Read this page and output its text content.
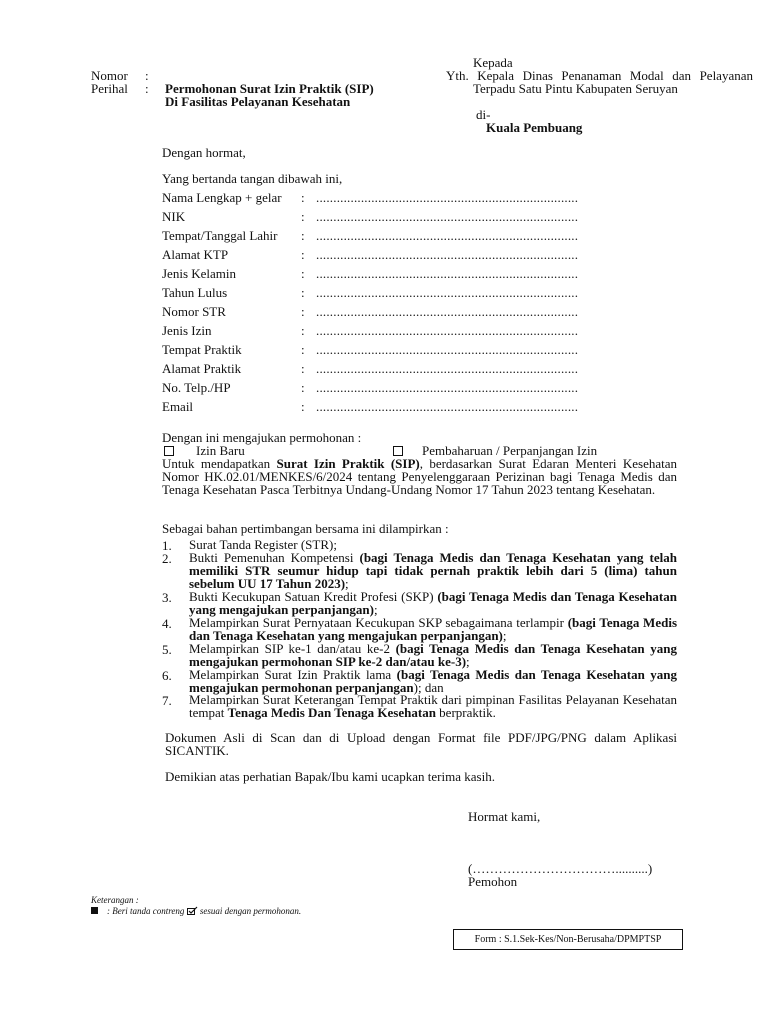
Nomor :
Perihal : Permohonan Surat Izin Praktik (SIP)
Di Fasilitas Pelayanan Kesehatan
Kepada
Yth. Kepala Dinas Penanaman Modal dan Pelayanan
Terpadu Satu Pintu Kabupaten Seruyan
di-
Kuala Pembuang
Dengan hormat,
Yang bertanda tangan dibawah ini,
Nama Lengkap + gelar : ............................................................................
NIK	: ............................................................................
Tempat/Tanggal Lahir : ............................................................................
Alamat KTP	: ............................................................................
Jenis Kelamin	: ............................................................................
Tahun Lulus	: ............................................................................
Nomor STR	: ............................................................................
Jenis Izin	: ............................................................................
Tempat Praktik	: ............................................................................
Alamat Praktik	: ............................................................................
No. Telp./HP	: ............................................................................
Email	: ............................................................................
Dengan ini mengajukan permohonan :
Izin Baru	Pembaharuan / Perpanjangan Izin
Untuk mendapatkan Surat Izin Praktik (SIP), berdasarkan Surat Edaran Menteri Kesehatan Nomor HK.02.01/MENKES/6/2024 tentang Penyelenggaraan Perizinan bagi Tenaga Medis dan Tenaga Kesehatan Pasca Terbitnya Undang-Undang Nomor 17 Tahun 2023 tentang Kesehatan.
Sebagai bahan pertimbangan bersama ini dilampirkan :
1. Surat Tanda Register (STR);
2. Bukti Pemenuhan Kompetensi (bagi Tenaga Medis dan Tenaga Kesehatan yang telah memiliki STR seumur hidup tapi tidak pernah praktik lebih dari 5 (lima) tahun sebelum UU 17 Tahun 2023);
3. Bukti Kecukupan Satuan Kredit Profesi (SKP) (bagi Tenaga Medis dan Tenaga Kesehatan yang mengajukan perpanjangan);
4. Melampirkan Surat Pernyataan Kecukupan SKP sebagaimana terlampir (bagi Tenaga Medis dan Tenaga Kesehatan yang mengajukan perpanjangan);
5. Melampirkan SIP ke-1 dan/atau ke-2 (bagi Tenaga Medis dan Tenaga Kesehatan yang mengajukan permohonan SIP ke-2 dan/atau ke-3);
6. Melampirkan Surat Izin Praktik lama (bagi Tenaga Medis dan Tenaga Kesehatan yang mengajukan permohonan perpanjangan); dan
7. Melampirkan Surat Keterangan Tempat Praktik dari pimpinan Fasilitas Pelayanan Kesehatan tempat Tenaga Medis Dan Tenaga Kesehatan berpraktik.
Dokumen Asli di Scan dan di Upload dengan Format file PDF/JPG/PNG dalam Aplikasi SICANTIK.
Demikian atas perhatian Bapak/Ibu kami ucapkan terima kasih.
Hormat kami,
(……………………………..........)
Pemohon
Keterangan :
: Beri tanda contreng  sesuai dengan permohonan.
Form : S.1.Sek-Kes/Non-Berusaha/DPMPTSP
